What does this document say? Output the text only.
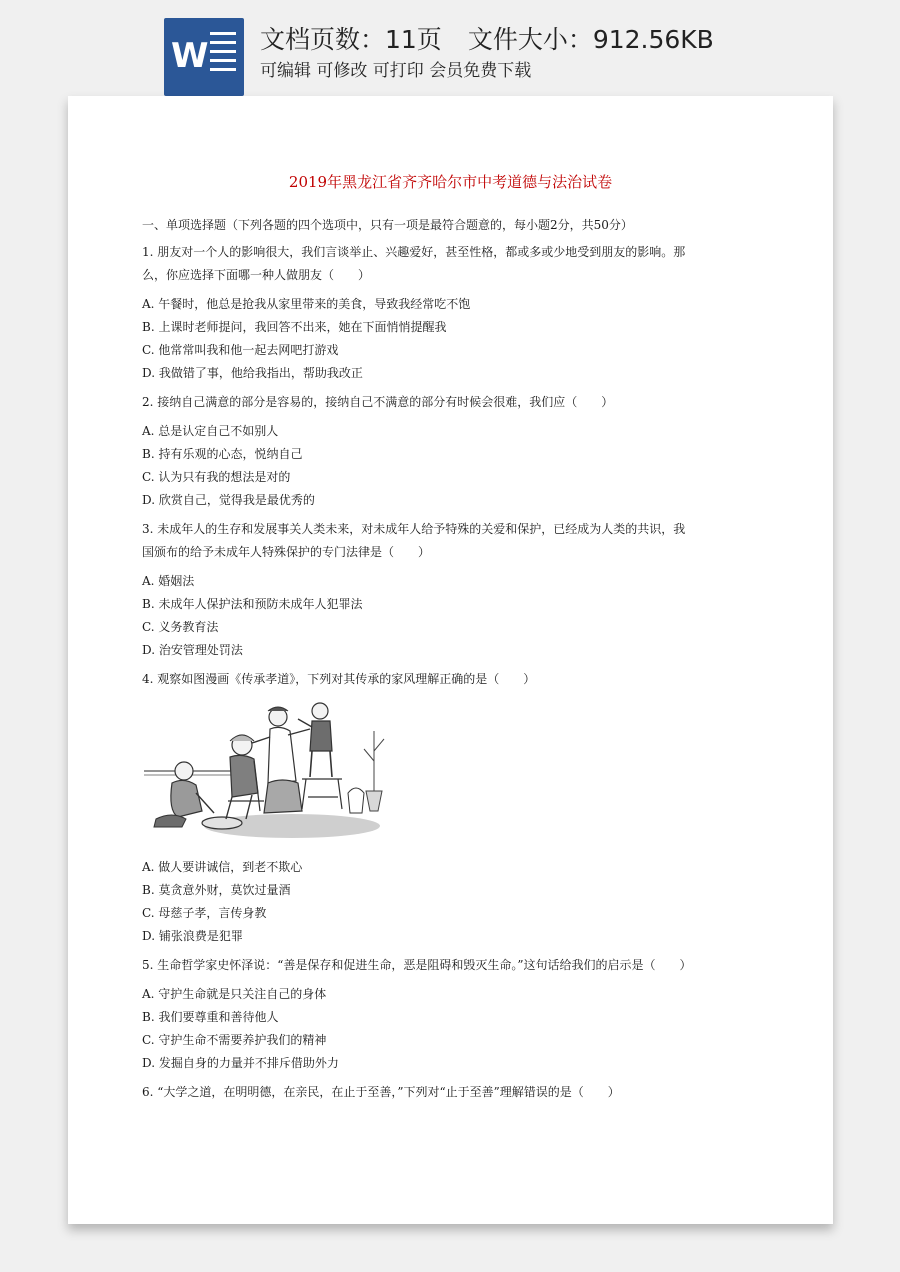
W 文档页数：11页 文件大小：912.56KB
可编辑 可修改 可打印 会员免费下载
2019年黑龙江省齐齐哈尔市中考道德与法治试卷
一、单项选择题（下列各题的四个选项中，只有一项是最符合题意的，每小题2分，共50分）
1. 朋友对一个人的影响很大，我们言谈举止、兴趣爱好，甚至性格，都或多或少地受到朋友的影响。那
么，你应选择下面哪一种人做朋友（　　）
A. 午餐时，他总是抢我从家里带来的美食，导致我经常吃不饱
B. 上课时老师提问，我回答不出来，她在下面悄悄提醒我
C. 他常常叫我和他一起去网吧打游戏
D. 我做错了事，他给我指出，帮助我改正
2. 接纳自己满意的部分是容易的，接纳自己不满意的部分有时候会很难，我们应（　　）
A. 总是认定自己不如别人
B. 持有乐观的心态，悦纳自己
C. 认为只有我的想法是对的
D. 欣赏自己，觉得我是最优秀的
3. 未成年人的生存和发展事关人类未来，对未成年人给予特殊的关爱和保护，已经成为人类的共识，我
国颁布的给予未成年人特殊保护的专门法律是（　　）
A. 婚姻法
B. 未成年人保护法和预防未成年人犯罪法
C. 义务教育法
D. 治安管理处罚法
4. 观察如图漫画《传承孝道》，下列对其传承的家风理解正确的是（　　）
A. 做人要讲诚信，到老不欺心
B. 莫贪意外财，莫饮过量酒
C. 母慈子孝，言传身教
D. 铺张浪费是犯罪
5. 生命哲学家史怀泽说：“善是保存和促进生命，恶是阻碍和毁灭生命。”这句话给我们的启示是（　　）
A. 守护生命就是只关注自己的身体
B. 我们要尊重和善待他人
C. 守护生命不需要养护我们的精神
D. 发掘自身的力量并不排斥借助外力
6. “大学之道，在明明德，在亲民，在止于至善，”下列对“止于至善”理解错误的是（　　）
